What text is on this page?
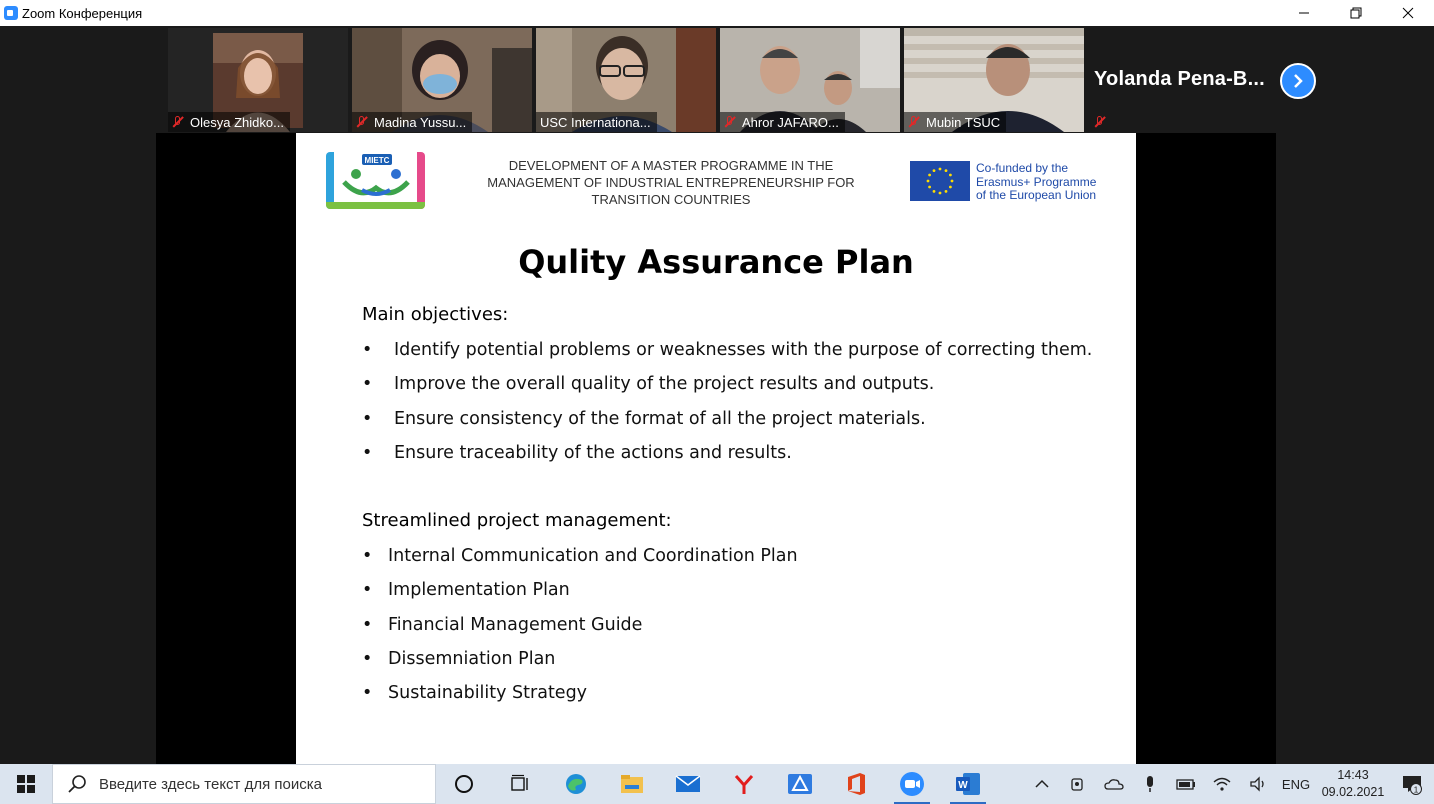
Zoom Конференция
Olesya Zhidko...	Madina Yussu...	USC Internationa...	Ahror JAFARO...	Mubin TSUC
Yolanda Pena-B...
MIETC	DEVELOPMENT OF A MASTER PROGRAMME IN THE
MANAGEMENT OF INDUSTRIAL ENTREPRENEURSHIP FOR
TRANSITION COUNTRIES
Co-funded by the
Erasmus+ Programme
of the European Union
Qulity Assurance Plan
Main objectives:
• Identify potential problems or weaknesses with the purpose of correcting them.
• Improve the overall quality of the project results and outputs.
• Ensure consistency of the format of all the project materials.
• Ensure traceability of the actions and results.
Streamlined project management:
• Internal Communication and Coordination Plan
• Implementation Plan
• Financial Management Guide
• Dissemniation Plan
• Sustainability Strategy
Введите здесь текст для поиска
W	ENG
14:43
09.02.2021	1
